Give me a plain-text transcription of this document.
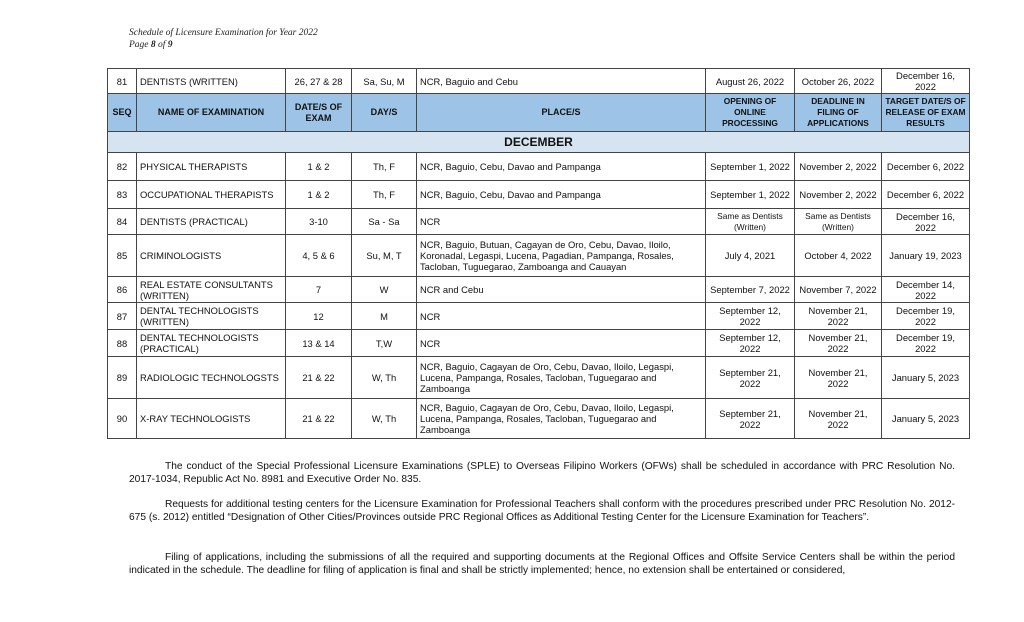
Schedule of Licensure Examination for Year 2022
Page 8 of 9
81	DENTISTS (WRITTEN)	26, 27 & 28	Sa, Su, M	NCR, Baguio and Cebu	August 26, 2022	October 26, 2022	December 16, 2022
SEQ	NAME OF EXAMINATION	DATE/S OF EXAM	DAY/S	PLACE/S	OPENING OF ONLINE PROCESSING	DEADLINE IN FILING OF APPLICATIONS	TARGET DATE/S OF RELEASE OF EXAM RESULTS
DECEMBER							
82	PHYSICAL THERAPISTS	1 & 2	Th, F	NCR, Baguio, Cebu, Davao and Pampanga	September 1, 2022	November 2, 2022	December 6, 2022
83	OCCUPATIONAL THERAPISTS	1 & 2	Th, F	NCR, Baguio, Cebu, Davao and Pampanga	September 1, 2022	November 2, 2022	December 6, 2022
84	DENTISTS (PRACTICAL)	3-10	Sa - Sa	NCR	Same as Dentists (Written)	Same as Dentists (Written)	December 16, 2022
85	CRIMINOLOGISTS	4, 5 & 6	Su, M, T	NCR, Baguio, Butuan, Cagayan de Oro, Cebu, Davao, Iloilo, Koronadal, Legaspi, Lucena, Pagadian, Pampanga, Rosales, Tacloban, Tuguegarao, Zamboanga and Cauayan	July 4, 2021	October 4, 2022	January 19, 2023
86	REAL ESTATE CONSULTANTS (WRITTEN)	7	W	NCR and Cebu	September 7, 2022	November 7, 2022	December 14, 2022
87	DENTAL TECHNOLOGISTS (WRITTEN)	12	M	NCR	September 12, 2022	November 21, 2022	December 19, 2022
88	DENTAL TECHNOLOGISTS (PRACTICAL)	13 & 14	T,W	NCR	September 12, 2022	November 21, 2022	December 19, 2022
89	RADIOLOGIC TECHNOLOGSTS	21 & 22	W, Th	NCR, Baguio, Cagayan de Oro, Cebu, Davao, Iloilo, Legaspi, Lucena, Pampanga, Rosales, Tacloban, Tuguegarao and Zamboanga	September 21, 2022	November 21, 2022	January 5, 2023
90	X-RAY TECHNOLOGISTS	21 & 22	W, Th	NCR, Baguio, Cagayan de Oro, Cebu, Davao, Iloilo, Legaspi, Lucena, Pampanga, Rosales, Tacloban, Tuguegarao and Zamboanga	September 21, 2022	November 21, 2022	January 5, 2023
The conduct of the Special Professional Licensure Examinations (SPLE) to Overseas Filipino Workers (OFWs) shall be scheduled in accordance with PRC Resolution No. 2017-1034, Republic Act No. 8981 and Executive Order No. 835.
Requests for additional testing centers for the Licensure Examination for Professional Teachers shall conform with the procedures prescribed under PRC Resolution No. 2012-675 (s. 2012) entitled “Designation of Other Cities/Provinces outside PRC Regional Offices as Additional Testing Center for the Licensure Examination for Teachers”.
Filing of applications, including the submissions of all the required and supporting documents at the Regional Offices and Offsite Service Centers shall be within the period indicated in the schedule. The deadline for filing of application is final and shall be strictly implemented; hence, no extension shall be entertained or considered,
